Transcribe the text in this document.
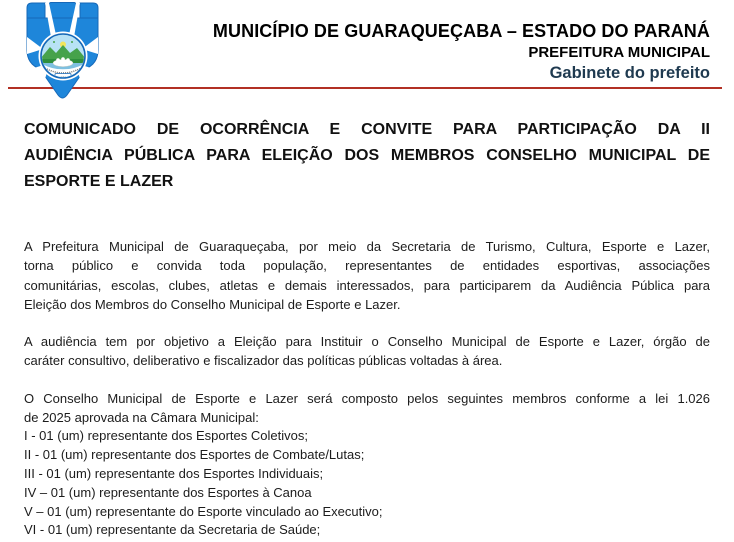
MUNICÍPIO DE GUARAQUEÇABA – ESTADO DO PARANÁ
PREFEITURA MUNICIPAL
Gabinete do prefeito
COMUNICADO DE OCORRÊNCIA E CONVITE PARA PARTICIPAÇÃO DA II
AUDIÊNCIA PÚBLICA PARA ELEIÇÃO DOS MEMBROS CONSELHO MUNICIPAL DE
ESPORTE E LAZER
A Prefeitura Municipal de Guaraqueçaba, por meio da Secretaria de Turismo, Cultura, Esporte e Lazer,
torna público e convida toda população, representantes de entidades esportivas, associações
comunitárias, escolas, clubes, atletas e demais interessados, para participarem da Audiência Pública para
Eleição dos Membros do Conselho Municipal de Esporte e Lazer.
A audiência tem por objetivo a Eleição para Instituir o Conselho Municipal de Esporte e Lazer, órgão de
caráter consultivo, deliberativo e fiscalizador das políticas públicas voltadas à área.
O Conselho Municipal de Esporte e Lazer será composto pelos seguintes membros conforme a lei 1.026
de 2025 aprovada na Câmara Municipal:
I - 01 (um) representante dos Esportes Coletivos;
II - 01 (um) representante dos Esportes de Combate/Lutas;
III - 01 (um) representante dos Esportes Individuais;
IV – 01 (um) representante dos Esportes à Canoa
V – 01 (um) representante do Esporte vinculado ao Executivo;
VI - 01 (um) representante da Secretaria de Saúde;
